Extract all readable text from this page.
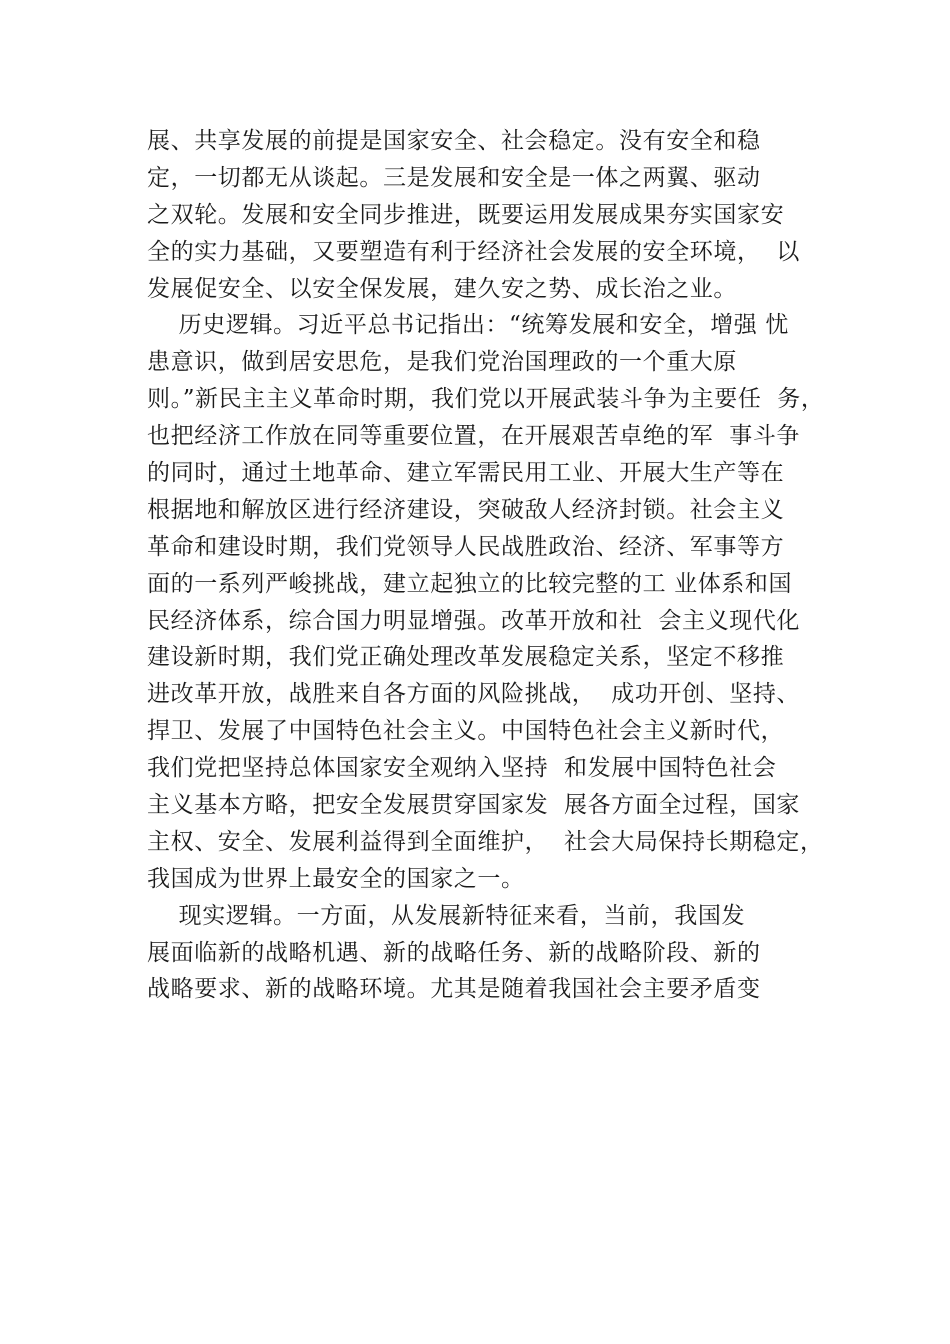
展、共享发展的前提是国家安全、社会稳定。没有安全和稳
定，一切都无从谈起。三是发展和安全是一体之两翼、驱动
之双轮。发展和安全同步推进，既要运用发展成果夯实国家安
全的实力基础，又要塑造有利于经济社会发展的安全环境，  以
发展促安全、以安全保发展，建久安之势、成长治之业。
历史逻辑。习近平总书记指出：“统筹发展和安全，增强 忧
患意识，做到居安思危，是我们党治国理政的一个重大原
则。”新民主主义革命时期，我们党以开展武装斗争为主要任  务，
也把经济工作放在同等重要位置，在开展艰苦卓绝的军  事斗争
的同时，通过土地革命、建立军需民用工业、开展大生产等在
根据地和解放区进行经济建设，突破敌人经济封锁。社会主义
革命和建设时期，我们党领导人民战胜政治、经济、军事等方
面的一系列严峻挑战，建立起独立的比较完整的工 业体系和国
民经济体系，综合国力明显增强。改革开放和社  会主义现代化
建设新时期，我们党正确处理改革发展稳定关系，坚定不移推
进改革开放，战胜来自各方面的风险挑战，  成功开创、坚持、
捍卫、发展了中国特色社会主义。中国特色社会主义新时代，
我们党把坚持总体国家安全观纳入坚持  和发展中国特色社会
主义基本方略，把安全发展贯穿国家发  展各方面全过程，国家
主权、安全、发展利益得到全面维护，  社会大局保持长期稳定，
我国成为世界上最安全的国家之一。
现实逻辑。一方面，从发展新特征来看，当前，我国发
展面临新的战略机遇、新的战略任务、新的战略阶段、新的
战略要求、新的战略环境。尤其是随着我国社会主要矛盾变
